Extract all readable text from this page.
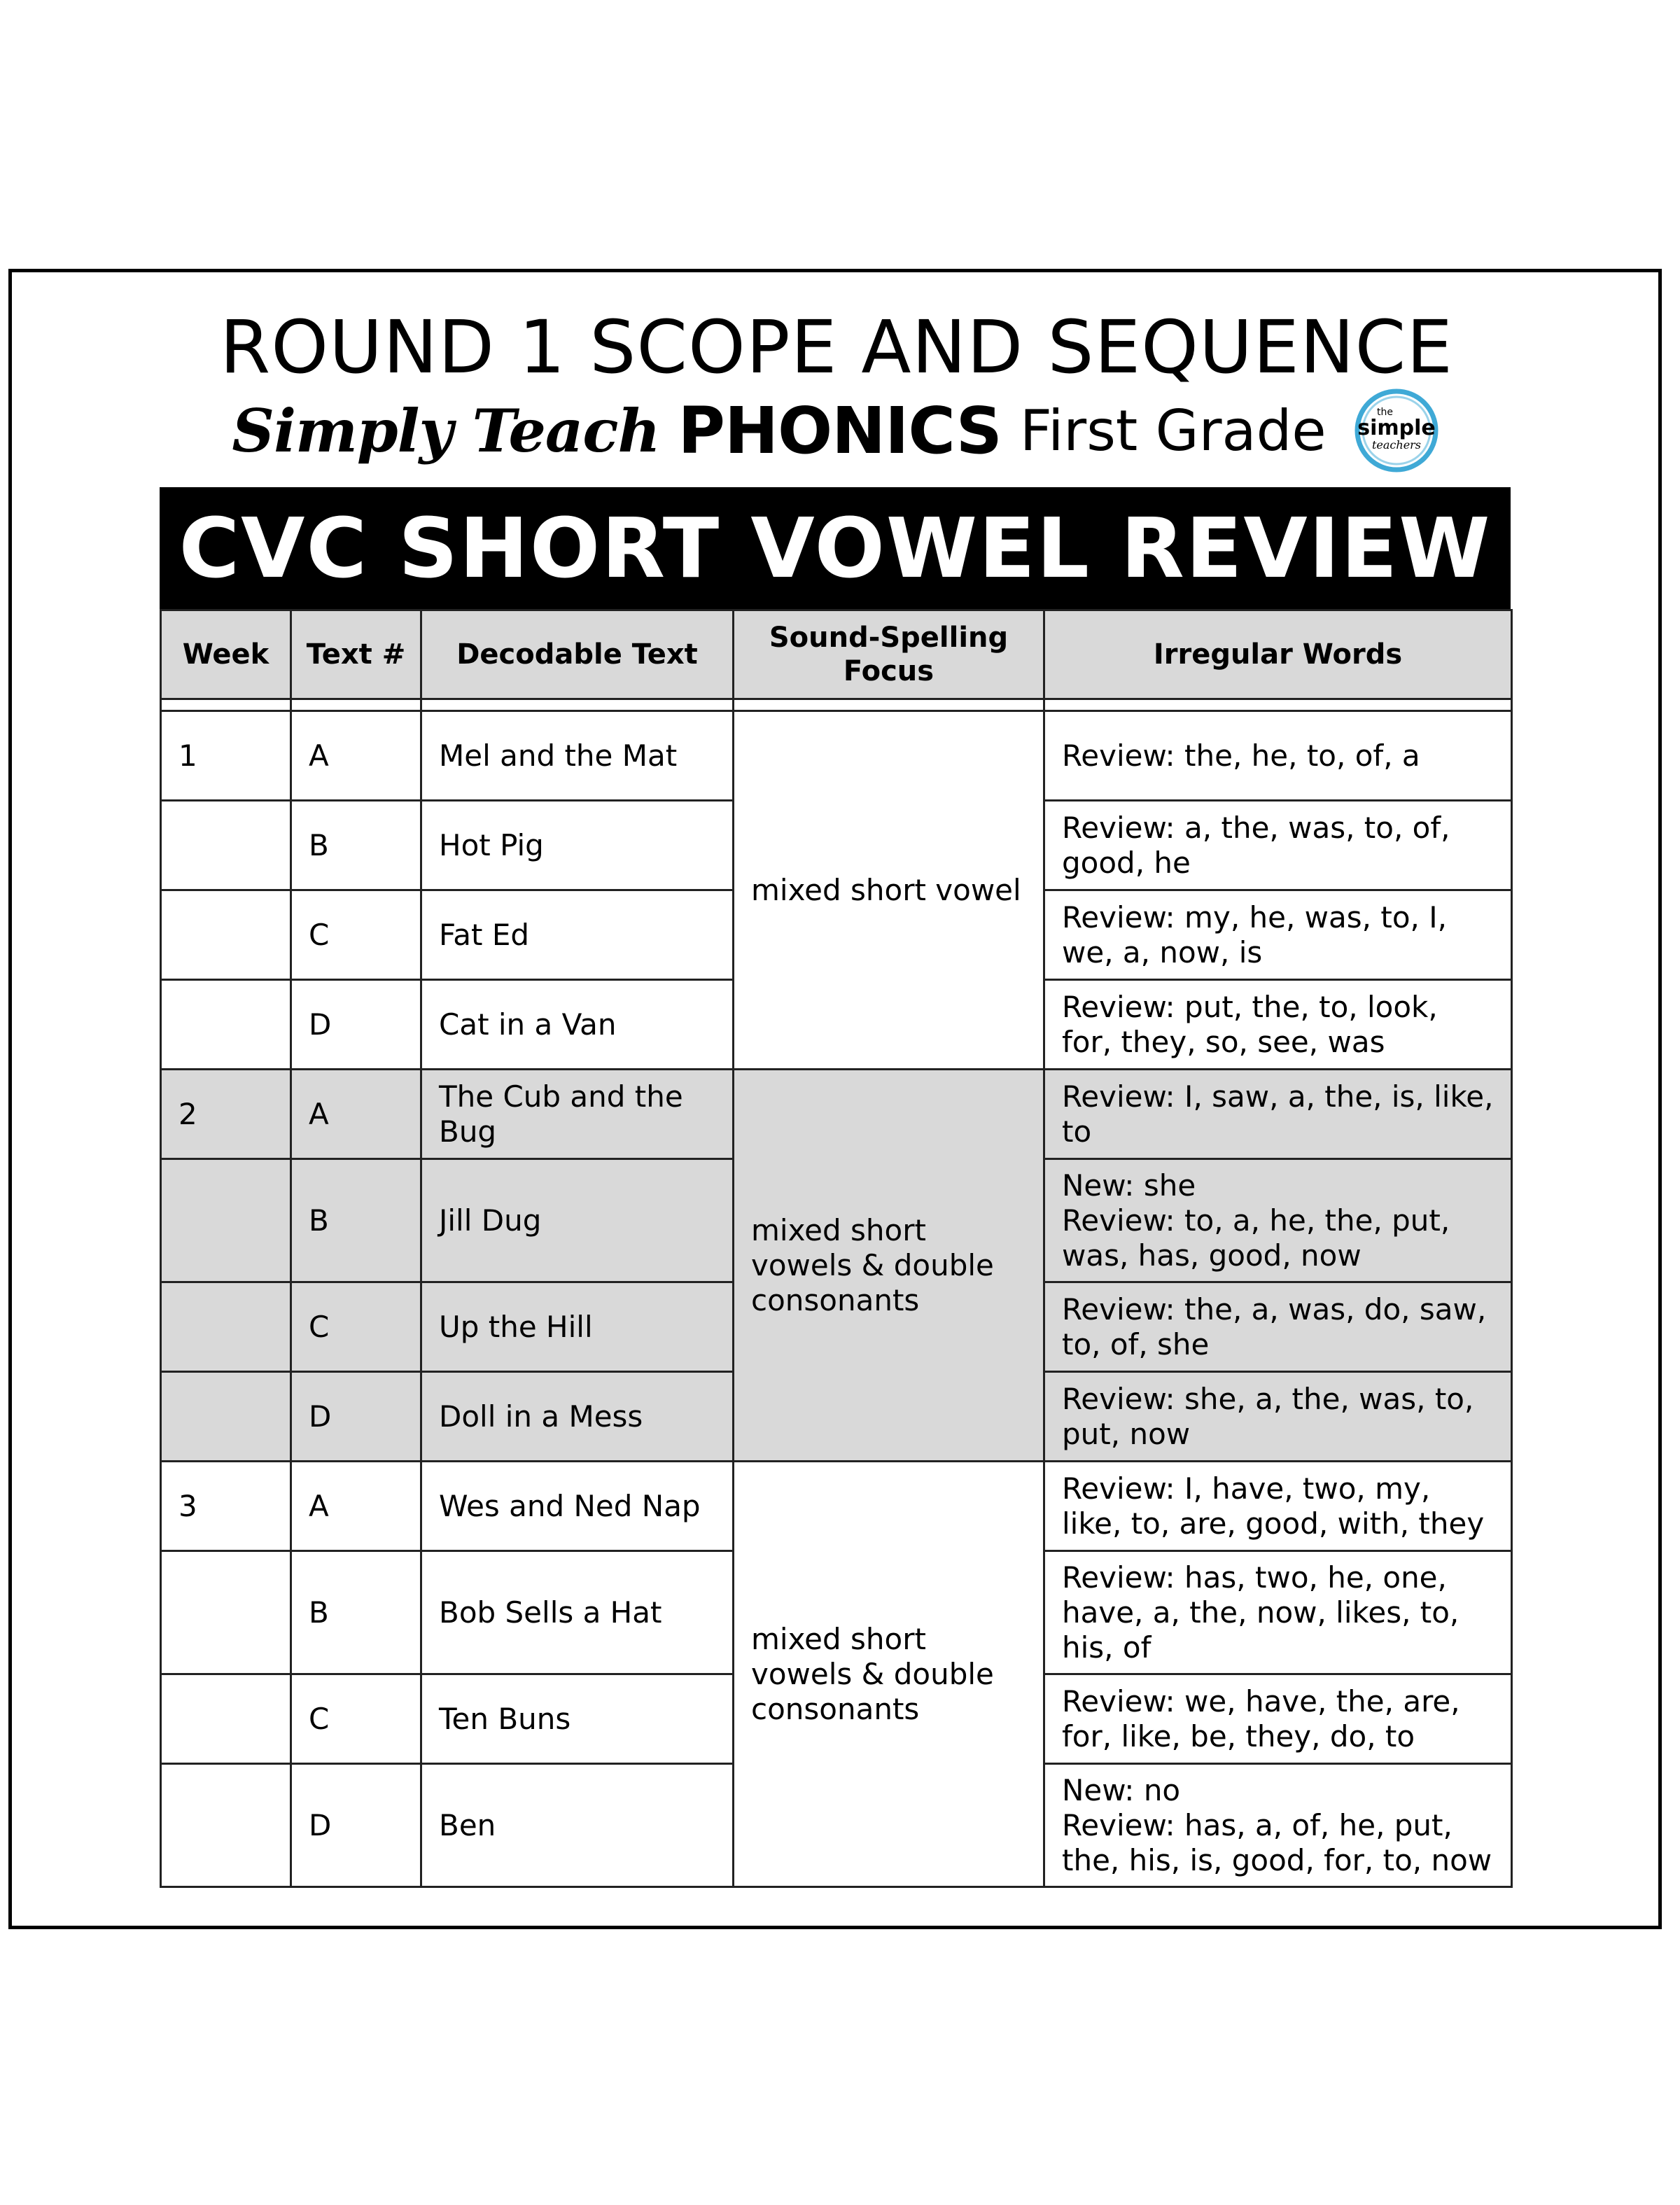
ROUND 1 SCOPE AND SEQUENCE
Simply Teach PHONICS First Grade	the
simple
teachers
CVC SHORT VOWEL REVIEW
Week	Text #	Decodable Text	Sound-Spelling Focus	Irregular Words

1	A	Mel and the Mat	mixed short vowel	Review: the, he, to, of, a

	B	Hot Pig		Review: a, the, was, to, of, good, he

	C	Fat Ed		Review: my, he, was, to, I, we, a, now, is

	D	Cat in a Van		Review: put, the, to, look, for, they, so, see, was

2	A	The Cub and the Bug	mixed short vowels & double consonants	Review: I, saw, a, the, is, like, to

	B	Jill Dug		New: she
Review: to, a, he, the, put, was, has, good, now

	C	Up the Hill		Review: the, a, was, do, saw, to, of, she

	D	Doll in a Mess		Review: she, a, the, was, to, put, now

3	A	Wes and Ned Nap	mixed short vowels & double consonants	Review: I, have, two, my, like, to, are, good, with, they

	B	Bob Sells a Hat		Review: has, two, he, one, have, a, the, now, likes, to, his, of

	C	Ten Buns		Review: we, have, the, are, for, like, be, they, do, to

	D	Ben		New: no
Review: has, a, of, he, put, the, his, is, good, for, to, now
